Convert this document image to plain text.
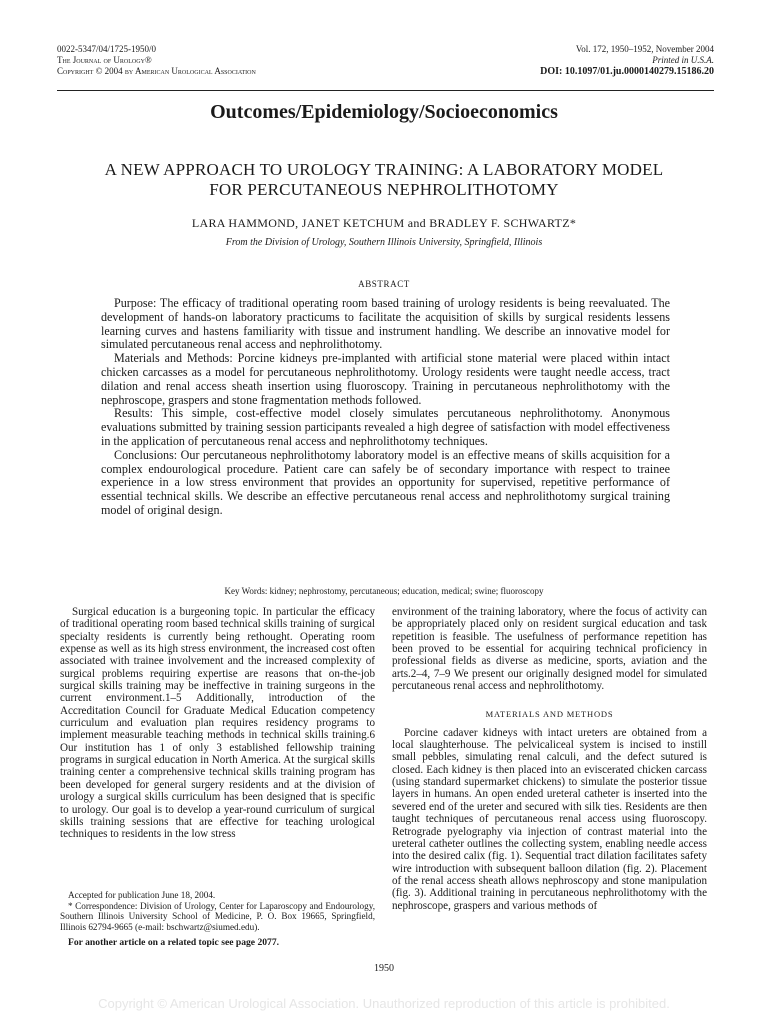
0022-5347/04/1725-1950/0
The Journal of Urology®
Copyright © 2004 by American Urological Association
Vol. 172, 1950–1952, November 2004
Printed in U.S.A.
DOI: 10.1097/01.ju.0000140279.15186.20
Outcomes/Epidemiology/Socioeconomics
A NEW APPROACH TO UROLOGY TRAINING: A LABORATORY MODEL
FOR PERCUTANEOUS NEPHROLITHOTOMY
LARA HAMMOND, JANET KETCHUM and BRADLEY F. SCHWARTZ*
From the Division of Urology, Southern Illinois University, Springfield, Illinois
ABSTRACT

Purpose: The efficacy of traditional operating room based training of urology residents is being reevaluated. The development of hands-on laboratory practicums to facilitate the acquisition of skills by surgical residents lessens learning curves and hastens familiarity with tissue and instrument handling. We describe an innovative model for simulated percutaneous renal access and nephrolithotomy.

Materials and Methods: Porcine kidneys pre-implanted with artificial stone material were placed within intact chicken carcasses as a model for percutaneous nephrolithotomy. Urology residents were taught needle access, tract dilation and renal access sheath insertion using fluoroscopy. Training in percutaneous nephrolithotomy with the nephroscope, graspers and stone fragmentation methods followed.

Results: This simple, cost-effective model closely simulates percutaneous nephrolithotomy. Anonymous evaluations submitted by training session participants revealed a high degree of satisfaction with model effectiveness in the application of percutaneous renal access and nephrolithotomy techniques.

Conclusions: Our percutaneous nephrolithotomy laboratory model is an effective means of skills acquisition for a complex endourological procedure. Patient care can safely be of secondary importance with respect to trainee experience in a low stress environment that provides an opportunity for supervised, repetitive performance of essential technical skills. We describe an effective percutaneous renal access and nephrolithotomy surgical training model of original design.

Key Words: kidney; nephrostomy, percutaneous; education, medical; swine; fluoroscopy

Surgical education is a burgeoning topic. In particular the efficacy of traditional operating room based technical skills training of surgical specialty residents is currently being rethought. Operating room expense as well as its high stress environment, the increased cost often associated with trainee involvement and the increased complexity of surgical problems requiring expertise are reasons that on-the-job surgical skills training may be ineffective in training surgeons in the current environment.1–5 Additionally, introduction of the Accreditation Council for Graduate Medical Education competency curriculum and evaluation plan requires residency programs to implement measurable teaching methods in technical skills training.6 Our institution has 1 of only 3 established fellowship training programs in surgical education in North America. At the surgical skills training center a comprehensive technical skills training program has been developed for general surgery residents and at the division of urology a surgical skills curriculum has been designed that is specific to urology. Our goal is to develop a year-round curriculum of surgical skills training sessions that are effective for teaching urological techniques to residents in the low stress

environment of the training laboratory, where the focus of activity can be appropriately placed only on resident surgical education and task repetition is feasible. The usefulness of performance repetition has been proved to be essential for acquiring technical proficiency in professional fields as diverse as medicine, sports, aviation and the arts.2–4, 7–9 We present our originally designed model for simulated percutaneous renal access and nephrolithotomy.

MATERIALS AND METHODS

Porcine cadaver kidneys with intact ureters are obtained from a local slaughterhouse. The pelvicaliceal system is incised to instill small pebbles, simulating renal calculi, and the defect sutured is closed. Each kidney is then placed into an eviscerated chicken carcass (using standard supermarket chickens) to simulate the posterior tissue layers in humans. An open ended ureteral catheter is inserted into the severed end of the ureter and secured with silk ties. Residents are then taught techniques of percutaneous renal access using fluoroscopy. Retrograde pyelography via injection of contrast material into the ureteral catheter outlines the collecting system, enabling needle access into the desired calix (fig. 1). Sequential tract dilation facilitates safety wire introduction with subsequent balloon dilation (fig. 2). Placement of the renal access sheath allows nephroscopy and stone manipulation (fig. 3). Additional training in percutaneous nephrolithotomy with the nephroscope, graspers and various methods of

Accepted for publication June 18, 2004.
* Correspondence: Division of Urology, Center for Laparoscopy and Endourology, Southern Illinois University School of Medicine, P. O. Box 19665, Springfield, Illinois 62794-9665 (e-mail: bschwartz@siumed.edu).
For another article on a related topic see page 2077.
1950
Copyright © American Urological Association. Unauthorized reproduction of this article is prohibited.
